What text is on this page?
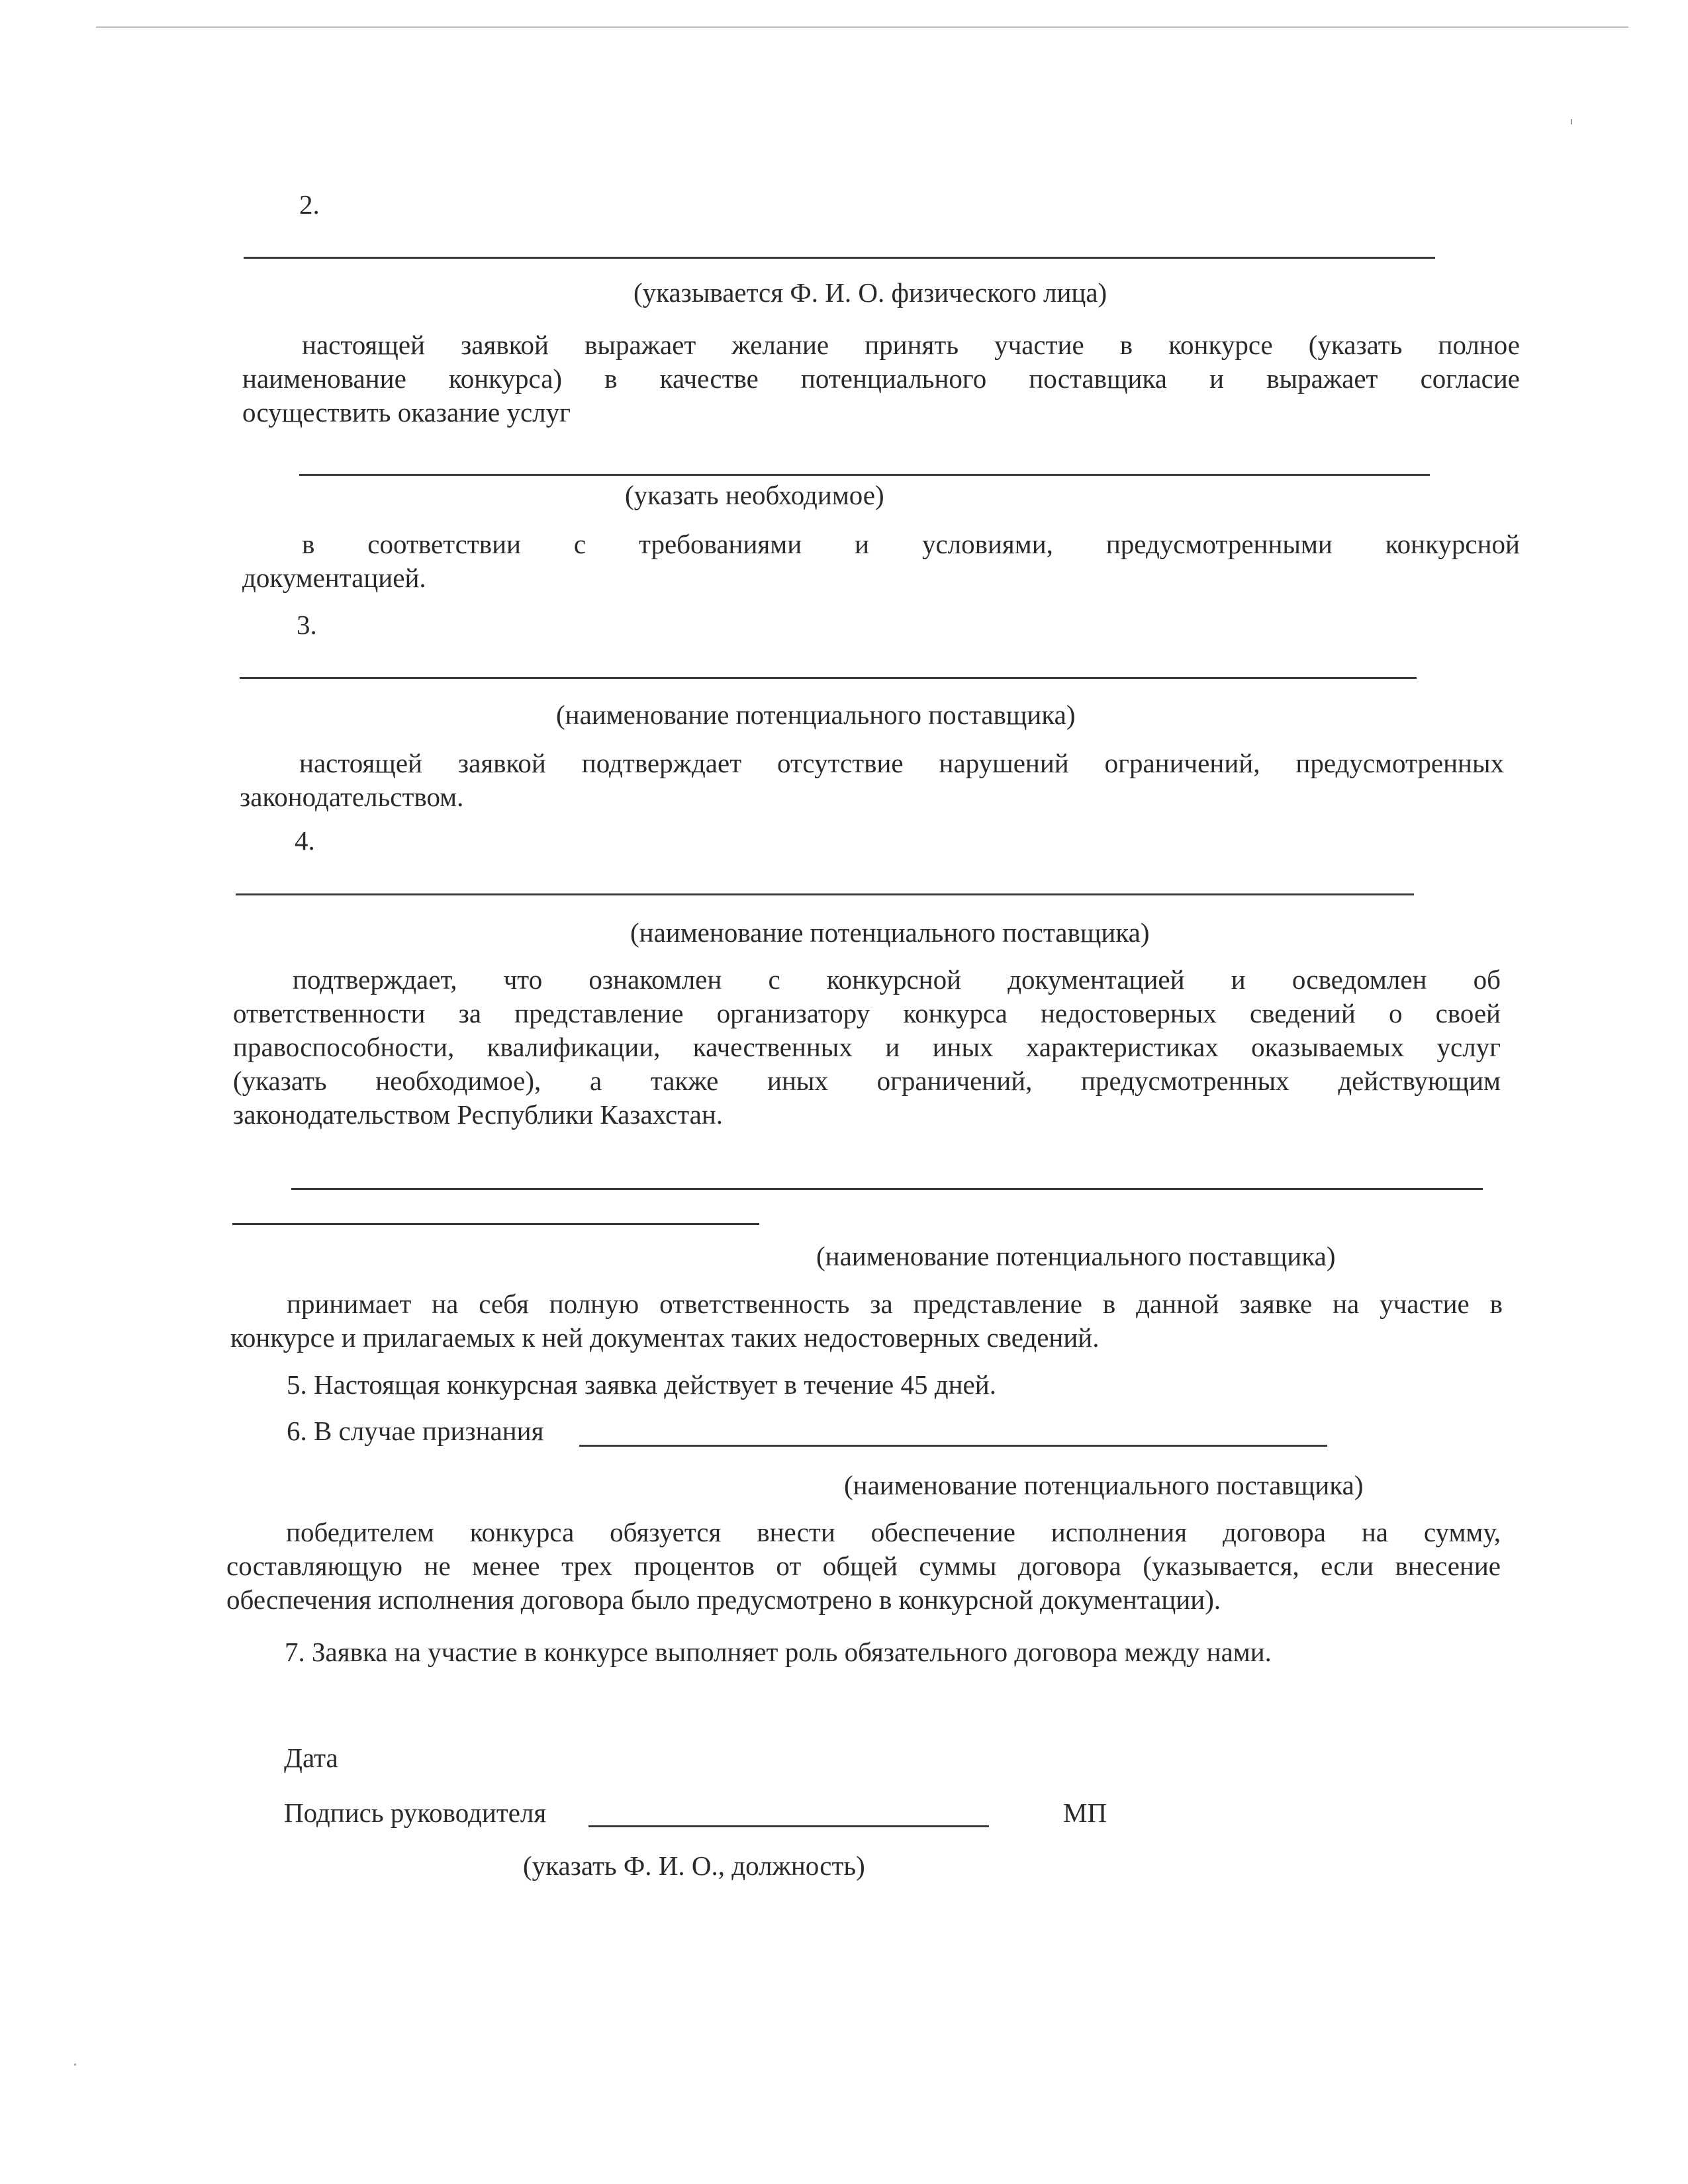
2.
(указывается Ф. И. О. физического лица)
настоящей заявкой выражает желание принять участие в конкурсе (указать полное
наименование конкурса) в качестве потенциального поставщика и выражает согласие
осуществить оказание услуг
(указать необходимое)
в соответствии с требованиями и условиями, предусмотренными конкурсной
документацией.
3.
(наименование потенциального поставщика)
настоящей заявкой подтверждает отсутствие нарушений ограничений, предусмотренных
законодательством.
4.
(наименование потенциального поставщика)
подтверждает, что ознакомлен с конкурсной документацией и осведомлен об
ответственности за представление организатору конкурса недостоверных сведений о своей
правоспособности, квалификации, качественных и иных характеристиках оказываемых услуг
(указать необходимое), а также иных ограничений, предусмотренных действующим
законодательством Республики Казахстан.
(наименование потенциального поставщика)
принимает на себя полную ответственность за представление в данной заявке на участие в
конкурсе и прилагаемых к ней документах таких недостоверных сведений.
5. Настоящая конкурсная заявка действует в течение 45 дней.
6. В случае признания
(наименование потенциального поставщика)
победителем конкурса обязуется внести обеспечение исполнения договора на сумму,
составляющую не менее трех процентов от общей суммы договора (указывается, если внесение
обеспечения исполнения договора было предусмотрено в конкурсной документации).
7. Заявка на участие в конкурсе выполняет роль обязательного договора между нами.
Дата
Подпись руководителя	МП
(указать Ф. И. О., должность)
